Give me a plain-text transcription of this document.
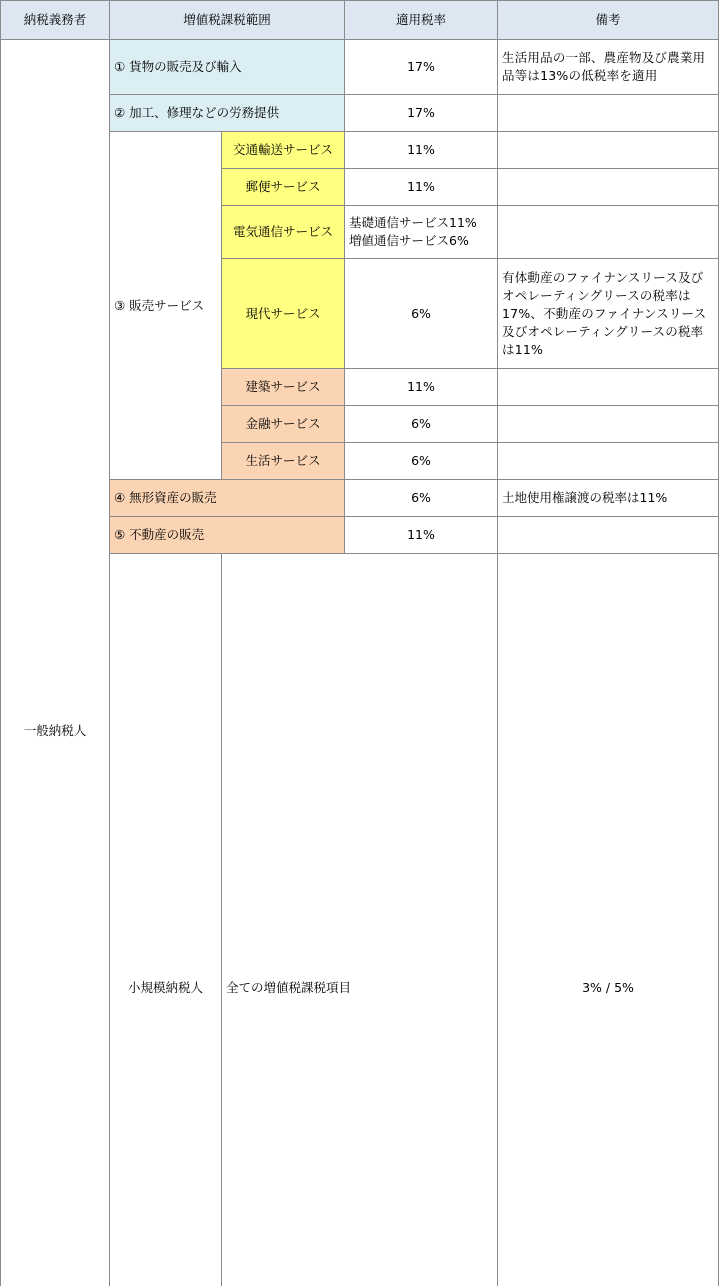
納税義務者	増値税課税範囲		適用税率	備考	
一般納税人	① 貨物の販売及び輸入		17%	生活用品の一部、農産物及び農業用品等は13%の低税率を適用	
	② 加工、修理などの労務提供		17%		
	③ 販売サービス	交通輸送サービス	11%		
		郵便サービス	11%		
		電気通信サービス	基礎通信サービス11%
増値通信サービス6%		

		現代サービス	6%	有体動産のファイナンスリース及びオペレーティングリースの税率は17%、不動産のファイナンスリース及びオペレーティングリースの税率は11%	
		建築サービス	11%		
		金融サービス	6%		
		生活サービス	6%		
	④ 無形資産の販売		6%	土地使用権譲渡の税率は11%	
	⑤ 不動産の販売		11%		
	小規模納税人	全ての増値税課税項目		3% / 5%	
